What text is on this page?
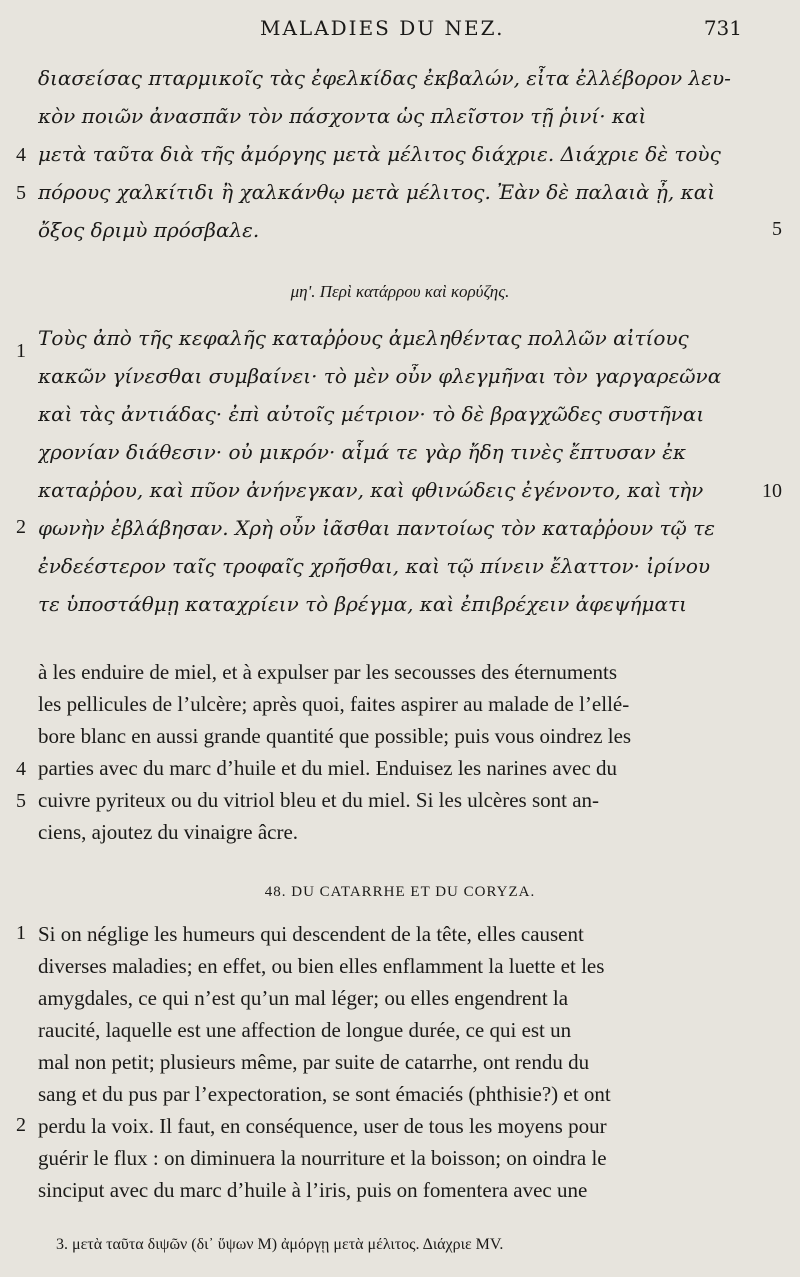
MALADIES DU NEZ.	731
διασείσας πταρμικοῖς τὰς ἐφελκίδας ἐκβαλών, εἶτα ἐλλέβορον λευ-
κὸν ποιῶν ἀνασπᾶν τὸν πάσχοντα ὡς πλεῖστον τῇ ῥινί· καὶ
μετὰ ταῦτα διὰ τῆς ἀμόργης μετὰ μέλιτος διάχριε. Διάχριε δὲ τοὺς
πόρους χαλκίτιδι ἢ χαλκάνθῳ μετὰ μέλιτος. Ἐὰν δὲ παλαιὰ ᾖ, καὶ
ὄξος δριμὺ πρόσβαλε.
4
5
5
μη'. Περὶ κατάρρου καὶ κορύζης.
Τοὺς ἀπὸ τῆς κεφαλῆς καταῤῥους ἀμεληθέντας πολλῶν αἰτίους
κακῶν γίνεσθαι συμβαίνει· τὸ μὲν οὖν φλεγμῆναι τὸν γαργαρεῶνα
καὶ τὰς ἀντιάδας· ἐπὶ αὐτοῖς μέτριον· τὸ δὲ βραγχῶδες συστῆναι
χρονίαν διάθεσιν· οὐ μικρόν· αἷμά τε γὰρ ἤδη τινὲς ἔπτυσαν ἐκ
καταῤῥου, καὶ πῦον ἀνήνεγκαν, καὶ φθινώδεις ἐγένοντο, καὶ τὴν
φωνὴν ἐβλάβησαν. Χρὴ οὖν ἰᾶσθαι παντοίως τὸν καταῤῥουν τῷ τε
ἐνδεέστερον ταῖς τροφαῖς χρῆσθαι, καὶ τῷ πίνειν ἔλαττον· ἰρίνου
τε ὑποστάθμῃ καταχρίειν τὸ βρέγμα, καὶ ἐπιβρέχειν ἀφεψήματι
1
2
10
à les enduire de miel, et à expulser par les secousses des éternuments
les pellicules de l’ulcère; après quoi, faites aspirer au malade de l’ellé-
bore blanc en aussi grande quantité que possible; puis vous oindrez les
parties avec du marc d’huile et du miel. Enduisez les narines avec du
cuivre pyriteux ou du vitriol bleu et du miel. Si les ulcères sont an-
ciens, ajoutez du vinaigre âcre.
4
5
48. DU CATARRHE ET DU CORYZA.
Si on néglige les humeurs qui descendent de la tête, elles causent
diverses maladies; en effet, ou bien elles enflamment la luette et les
amygdales, ce qui n’est qu’un mal léger; ou elles engendrent la
raucité, laquelle est une affection de longue durée, ce qui est un
mal non petit; plusieurs même, par suite de catarrhe, ont rendu du
sang et du pus par l’expectoration, se sont émaciés (phthisie?) et ont
perdu la voix. Il faut, en conséquence, user de tous les moyens pour
guérir le flux : on diminuera la nourriture et la boisson; on oindra le
sinciput avec du marc d’huile à l’iris, puis on fomentera avec une
1
2
3. μετὰ ταῦτα διψῶν (δι᾽ ὕψων M) ἀμόργῃ μετὰ μέλιτος. Διάχριε MV.
